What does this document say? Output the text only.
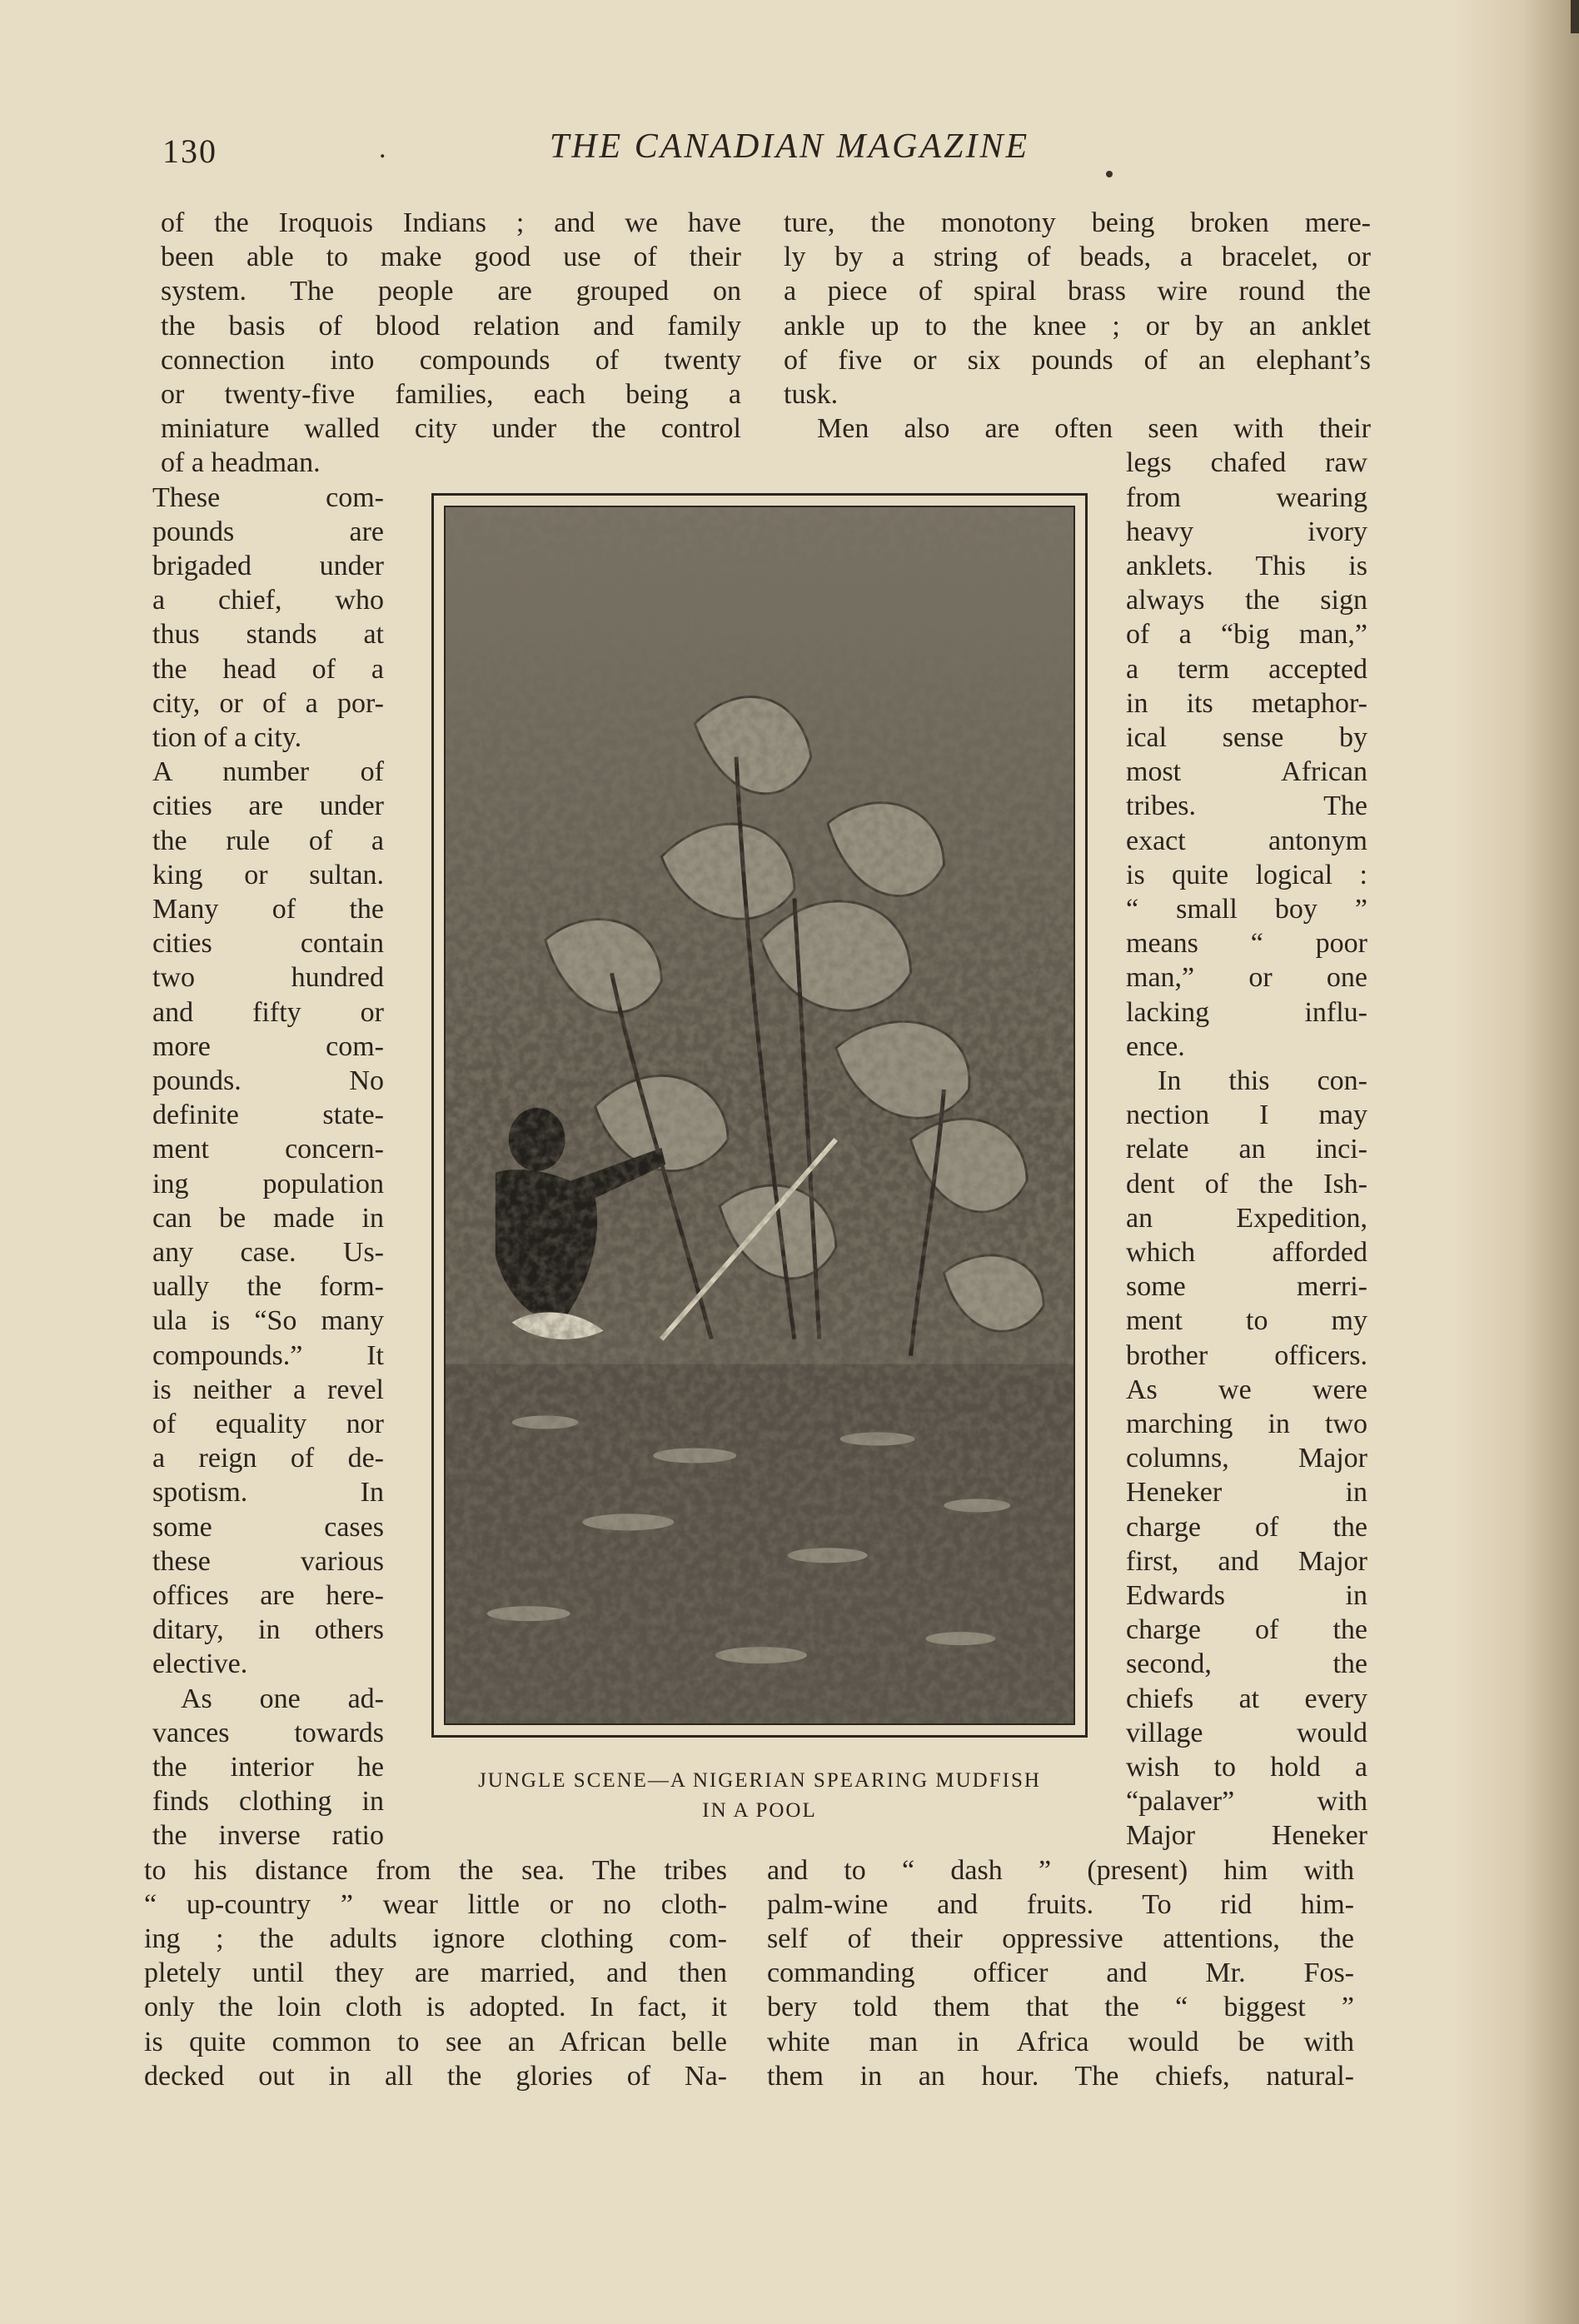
130	.	THE CANADIAN MAGAZINE
of the Iroquois Indians ; and we have
been able to make good use of their
system. The people are grouped on
the basis of blood relation and family
connection into compounds of twenty
or twenty-five families, each being a
miniature walled city under the control
of a headman.
These com-
pounds are
brigaded under
a chief, who
thus stands at
the head of a
city, or of a por-
tion of a city.
A number of
cities are under
the rule of a
king or sultan.
Many of the
cities contain
two hundred
and fifty or
more com-
pounds. No
definite state-
ment concern-
ing population
can be made in
any case. Us-
ually the form-
ula is “So many
compounds.” It
is neither a revel
of equality nor
a reign of de-
spotism. In
some cases
these various
offices are here-
ditary, in others
elective.
As one ad-
vances towards
the interior he
finds clothing in
the inverse ratio
to his distance from the sea. The tribes
“ up-country ” wear little or no cloth-
ing ; the adults ignore clothing com-
pletely until they are married, and then
only the loin cloth is adopted. In fact, it
is quite common to see an African belle
decked out in all the glories of Na-
ture, the monotony being broken mere-
ly by a string of beads, a bracelet, or
a piece of spiral brass wire round the
ankle up to the knee ; or by an anklet
of five or six pounds of an elephant’s
tusk.
Men also are often seen with their
legs chafed raw
from wearing
heavy ivory
anklets. This is
always the sign
of a “big man,”
a term accepted
in its metaphor-
ical sense by
most African
tribes. The
exact antonym
is quite logical :
“ small boy ”
means “ poor
man,” or one
lacking influ-
ence.
In this con-
nection I may
relate an inci-
dent of the Ish-
an Expedition,
which afforded
some merri-
ment to my
brother officers.
As we were
marching in two
columns, Major
Heneker in
charge of the
first, and Major
Edwards in
charge of the
second, the
chiefs at every
village would
wish to hold a
“palaver” with
Major Heneker
and to “ dash ” (present) him with
palm-wine and fruits. To rid him-
self of their oppressive attentions, the
commanding officer and Mr. Fos-
bery told them that the “ biggest ”
white man in Africa would be with
them in an hour. The chiefs, natural-
JUNGLE SCENE—A NIGERIAN SPEARING MUDFISH
IN A POOL
